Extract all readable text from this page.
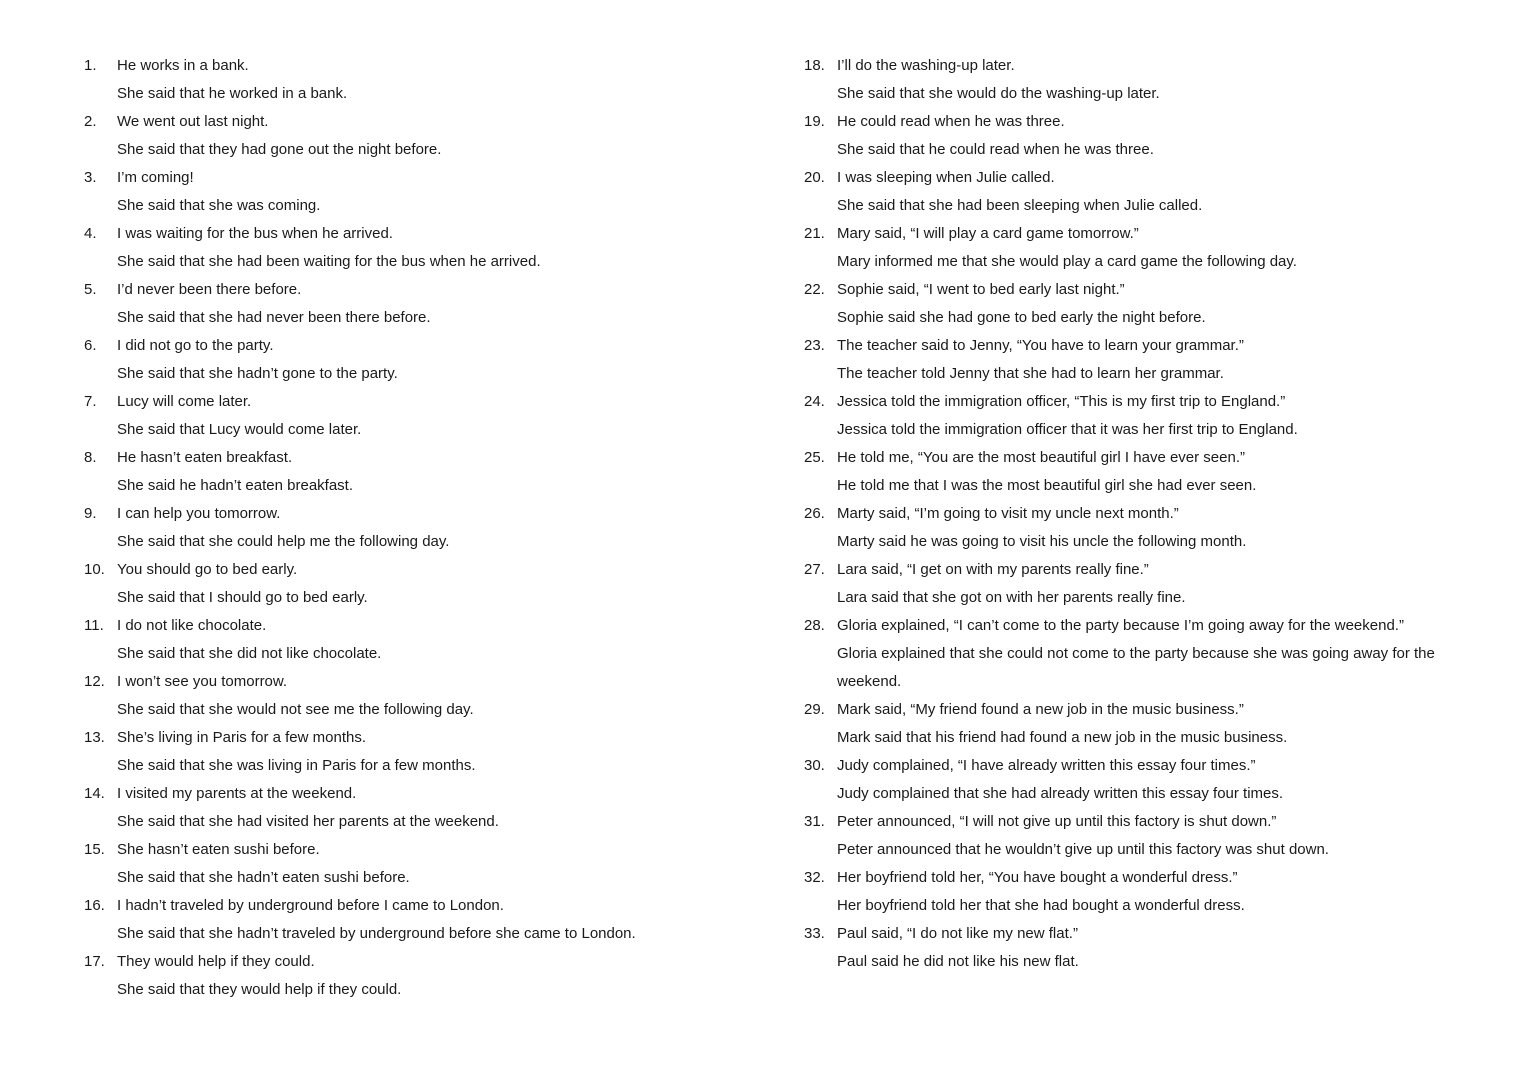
1.	He works in a bank.
She said that he worked in a bank.
2.	We went out last night.
She said that they had gone out the night before.
3.	I’m coming!
She said that she was coming.
4.	I was waiting for the bus when he arrived.
She said that she had been waiting for the bus when he arrived.
5.	I’d never been there before.
She said that she had never been there before.
6.	I did not go to the party.
She said that she hadn’t gone to the party.
7.	Lucy will come later.
She said that Lucy would come later.
8.	He hasn’t eaten breakfast.
She said he hadn’t eaten breakfast.
9.	I can help you tomorrow.
She said that she could help me the following day.
10. You should go to bed early.
She said that I should go to bed early.
11. I do not like chocolate.
She said that she did not like chocolate.
12. I won’t see you tomorrow.
She said that she would not see me the following day.
13. She’s living in Paris for a few months.
She said that she was living in Paris for a few months.
14. I visited my parents at the weekend.
She said that she had visited her parents at the weekend.
15. She hasn’t eaten sushi before.
She said that she hadn’t eaten sushi before.
16. I hadn’t traveled by underground before I came to London.
She said that she hadn’t traveled by underground before she came to London.
17. They would help if they could.
She said that they would help if they could.
18. I’ll do the washing-up later.
She said that she would do the washing-up later.
19. He could read when he was three.
She said that he could read when he was three.
20. I was sleeping when Julie called.
She said that she had been sleeping when Julie called.
21. Mary said, “I will play a card game tomorrow.”
Mary informed me that she would play a card game the following day.
22. Sophie said, “I went to bed early last night.”
Sophie said she had gone to bed early the night before.
23. The teacher said to Jenny, “You have to learn your grammar.”
The teacher told Jenny that she had to learn her grammar.
24. Jessica told the immigration officer, “This is my first trip to England.”
Jessica told the immigration officer that it was her first trip to England.
25. He told me, “You are the most beautiful girl I have ever seen.”
He told me that I was the most beautiful girl she had ever seen.
26. Marty said, “I’m going to visit my uncle next month.”
Marty said he was going to visit his uncle the following month.
27. Lara said, “I get on with my parents really fine.”
Lara said that she got on with her parents really fine.
28. Gloria explained, “I can’t come to the party because I’m going away for the weekend.”
Gloria explained that she could not come to the party because she was going away for the weekend.
29. Mark said, “My friend found a new job in the music business.”
Mark said that his friend had found a new job in the music business.
30. Judy complained, “I have already written this essay four times.”
Judy complained that she had already written this essay four times.
31. Peter announced, “I will not give up until this factory is shut down.”
Peter announced that he wouldn’t give up until this factory was shut down.
32. Her boyfriend told her, “You have bought a wonderful dress.”
Her boyfriend told her that she had bought a wonderful dress.
33. Paul said, “I do not like my new flat.”
Paul said he did not like his new flat.
